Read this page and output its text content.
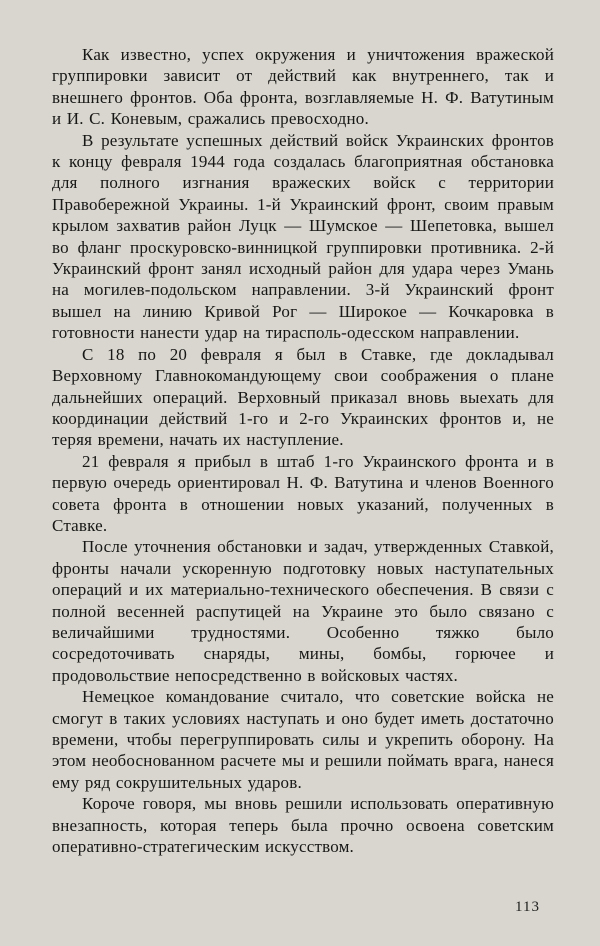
Как известно, успех окружения и уничтожения вражеской группировки зависит от действий как внутреннего, так и внешнего фронтов. Оба фронта, возглавляемые Н. Ф. Ватутиным и И. С. Коневым, сражались превосходно.

В результате успешных действий войск Украинских фронтов к концу февраля 1944 года создалась благоприятная обстановка для полного изгнания вражеских войск с территории Правобережной Украины. 1-й Украинский фронт, своим правым крылом захватив район Луцк — Шумское — Шепетовка, вышел во фланг проскуровско-винницкой группировки противника. 2-й Украинский фронт занял исходный район для удара через Умань на могилев-подольском направлении. 3-й Украинский фронт вышел на линию Кривой Рог — Широкое — Кочкаровка в готовности нанести удар на тирасполь-одесском направлении.

С 18 по 20 февраля я был в Ставке, где докладывал Верховному Главнокомандующему свои соображения о плане дальнейших операций. Верховный приказал вновь выехать для координации действий 1-го и 2-го Украинских фронтов и, не теряя времени, начать их наступление.

21 февраля я прибыл в штаб 1-го Украинского фронта и в первую очередь ориентировал Н. Ф. Ватутина и членов Военного совета фронта в отношении новых указаний, полученных в Ставке.

После уточнения обстановки и задач, утвержденных Ставкой, фронты начали ускоренную подготовку новых наступательных операций и их материально-технического обеспечения. В связи с полной весенней распутицей на Украине это было связано с величайшими трудностями. Особенно тяжко было сосредоточивать снаряды, мины, бомбы, горючее и продовольствие непосредственно в войсковых частях.

Немецкое командование считало, что советские войска не смогут в таких условиях наступать и оно будет иметь достаточно времени, чтобы перегруппировать силы и укрепить оборону. На этом необоснованном расчете мы и решили поймать врага, нанеся ему ряд сокрушительных ударов.

Короче говоря, мы вновь решили использовать оперативную внезапность, которая теперь была прочно освоена советским оперативно-стратегическим искусством.

113
